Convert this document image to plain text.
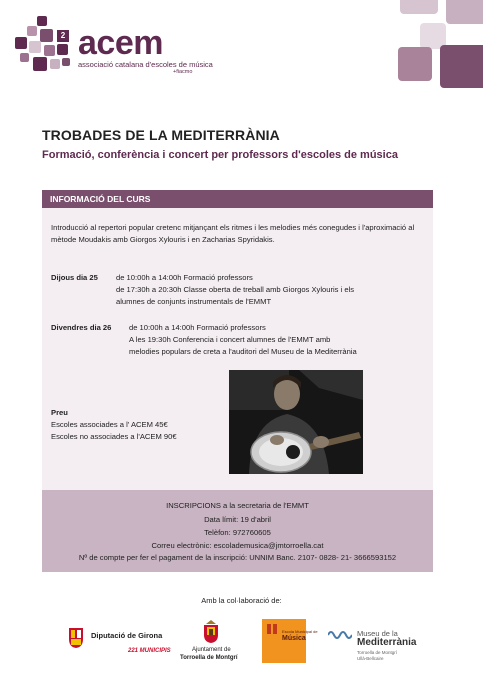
2 acem
associació catalana d'escoles de música
+fiacmo
TROBADES DE LA MEDITERRÀNIA
Formació, conferència i concert per professors d'escoles de música
INFORMACIÓ DEL CURS
Introducció al repertori popular cretenc mitjançant els ritmes i les melodies més conegudes i l'aproximació al mètode Moudakis amb Giorgos Xylouris i en Zacharias Spyridakis.
Dijous dia 25 de 10:00h a 14:00h Formació professors
de 17:30h a 20:30h Classe oberta de treball amb Giorgos Xylouris i els
alumnes de conjunts instrumentals de l'EMMT
Divendres dia 26 de 10:00h a 14:00h Formació professors
A les 19:30h Conferencia i concert alumnes de l'EMMT amb
melodies populars de creta a l'auditori del Museu de la Mediterrània
Preu
Escoles associades a l' ACEM 45€
Escoles no associades a l'ACEM 90€
INSCRIPCIONS a la secretaria de l'EMMT
Data límit: 19 d'abril
Telèfon: 972760605
Correu electrònic: escolademusica@jmtorroella.cat
Nº de compte per fer el pagament de la inscripció: UNNIM Banc. 2107- 0828- 21- 3666593152
Amb la col·laboració de:
Diputació de Girona
221 MUNICIPIS	Ajuntament de
Torroella de Montgrí
Escola Municipal de
Música
Museu de la
Mediterrània
Torroella de Montgrí
Ullà-Bellcaire
